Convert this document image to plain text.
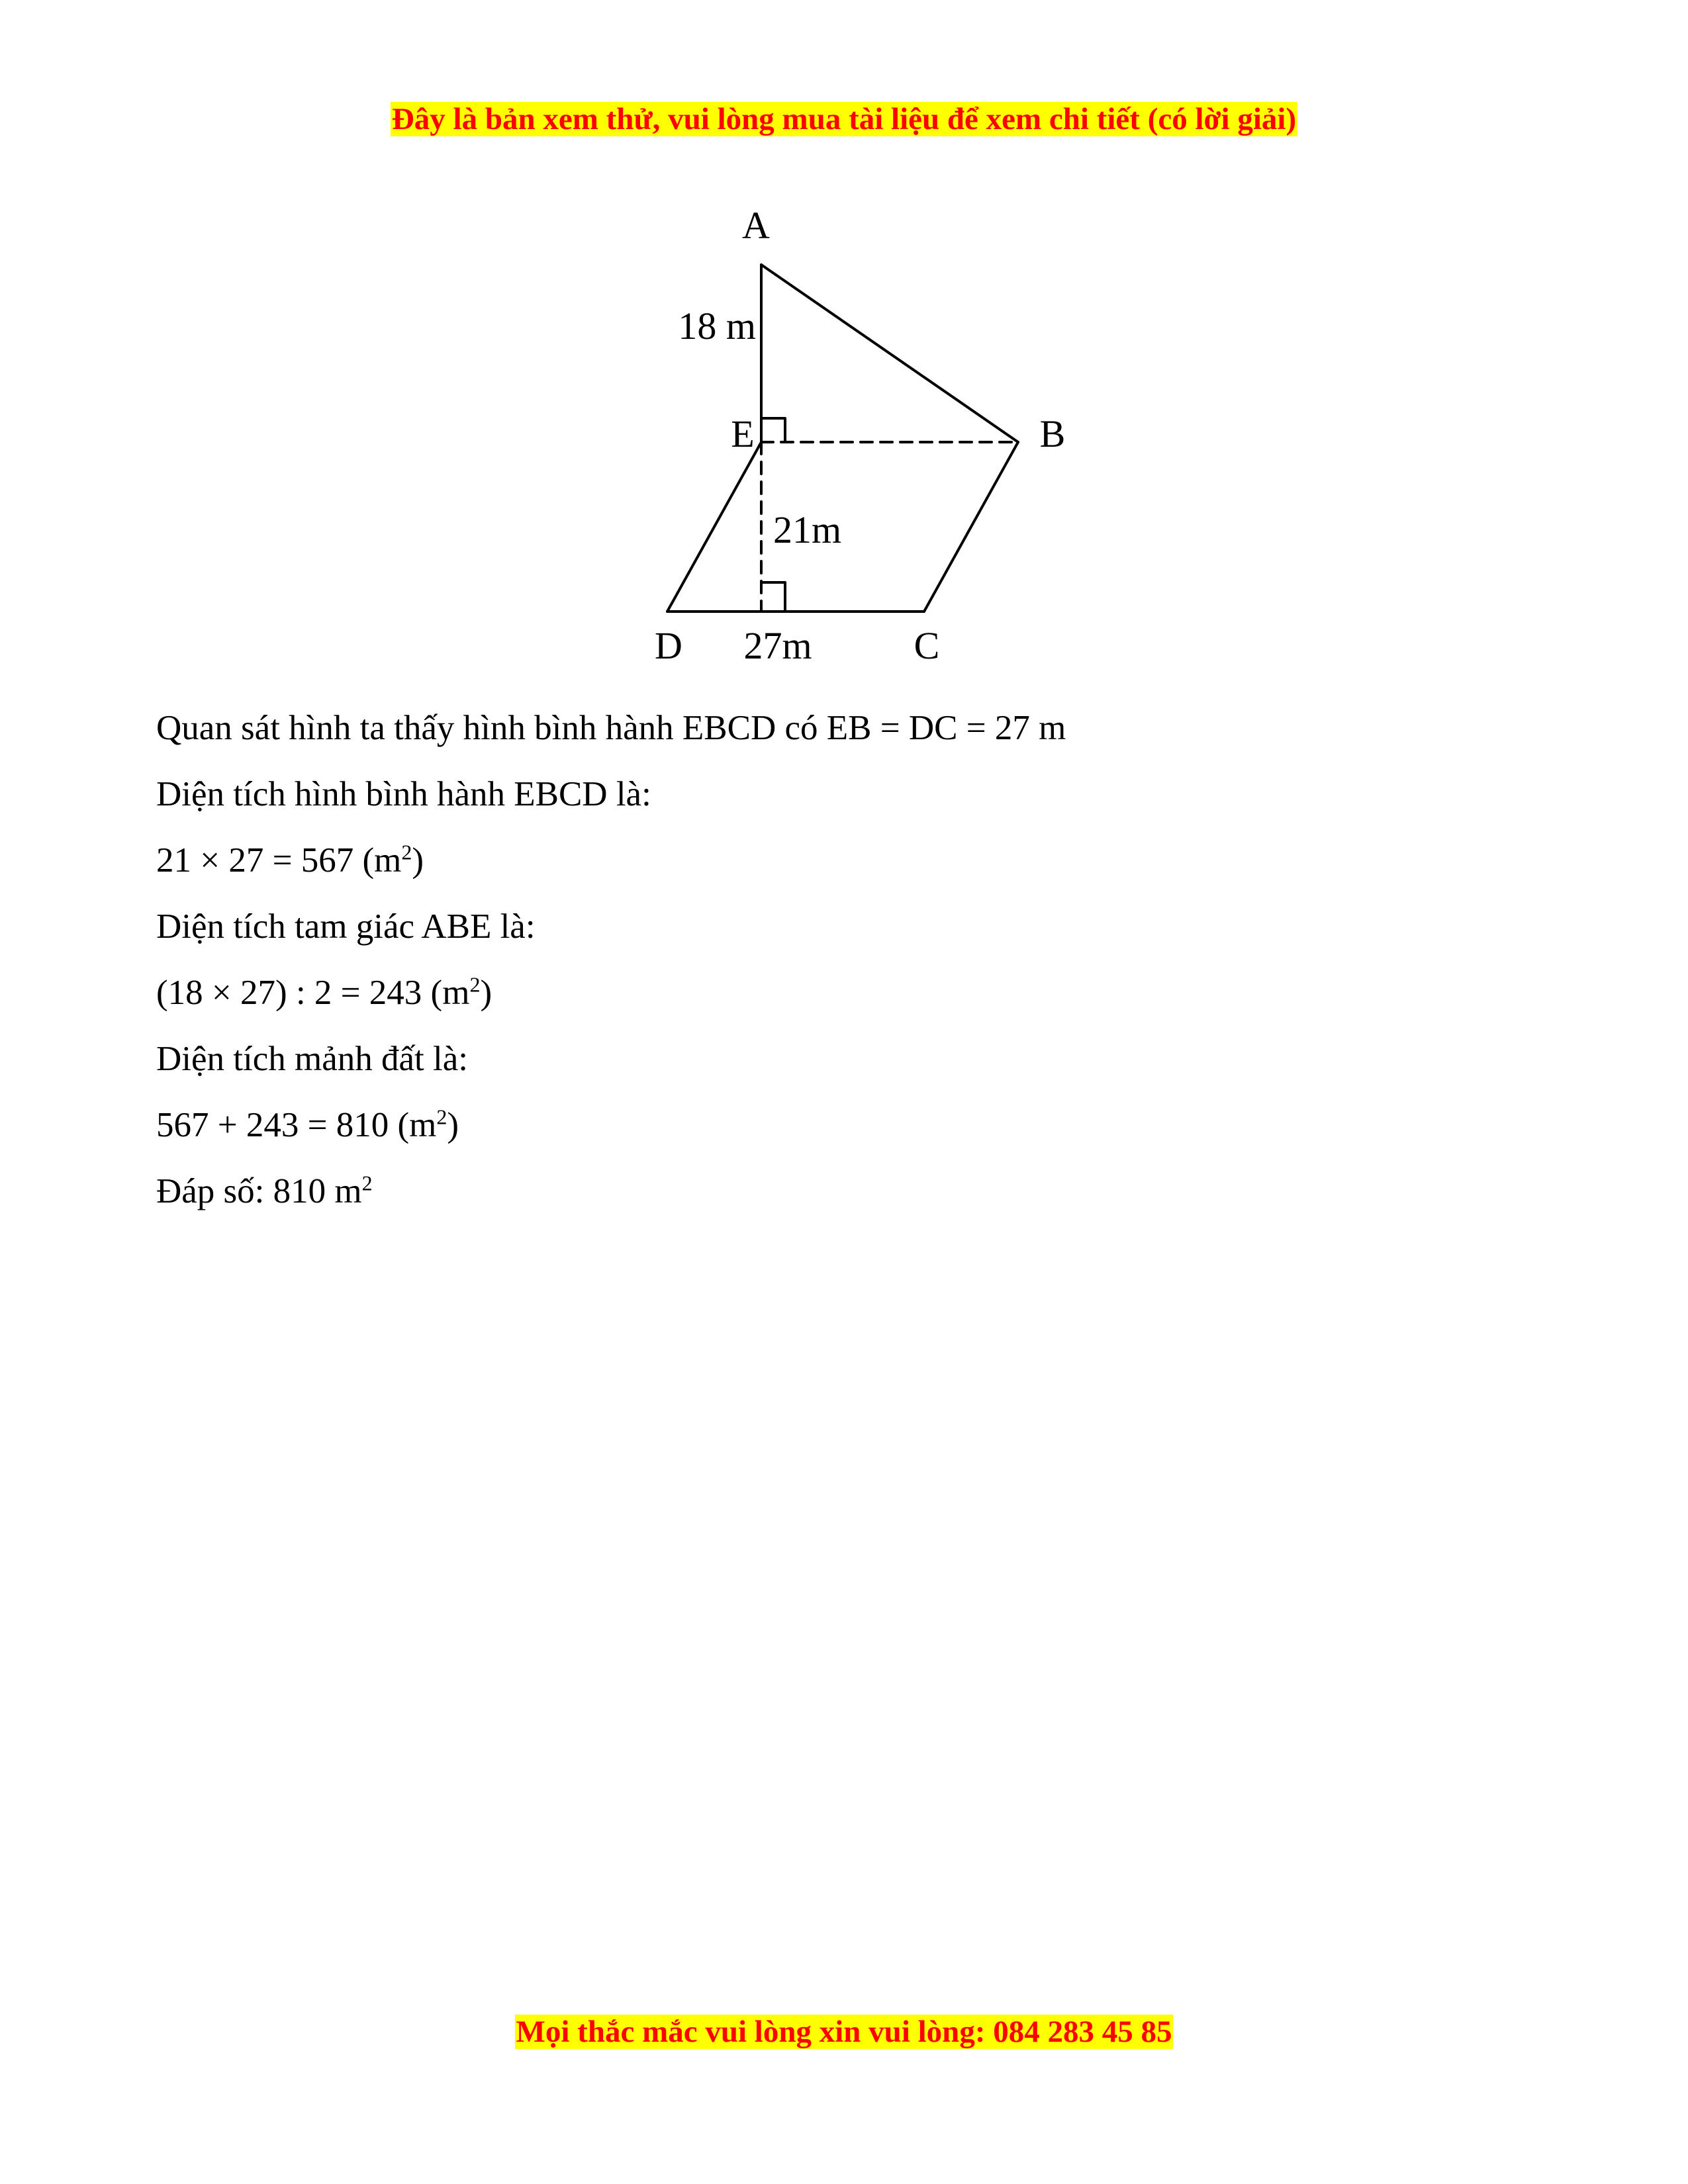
Đây là bản xem thử, vui lòng mua tài liệu để xem chi tiết (có lời giải)
A
E	B
D	C
18 m
21m
27m
Quan sát hình ta thấy hình bình hành EBCD có EB = DC = 27 m
Diện tích hình bình hành EBCD là:
21 × 27 = 567 $(m^2)$
Diện tích tam giác ABE là:
(18 × 27) : 2 = 243 $(m^2)$
Diện tích mảnh đất là:
567 + 243 = 810 $(m^2)$
Đáp số: 810 $m^2$
Mọi thắc mắc vui lòng xin vui lòng: 084 283 45 85
